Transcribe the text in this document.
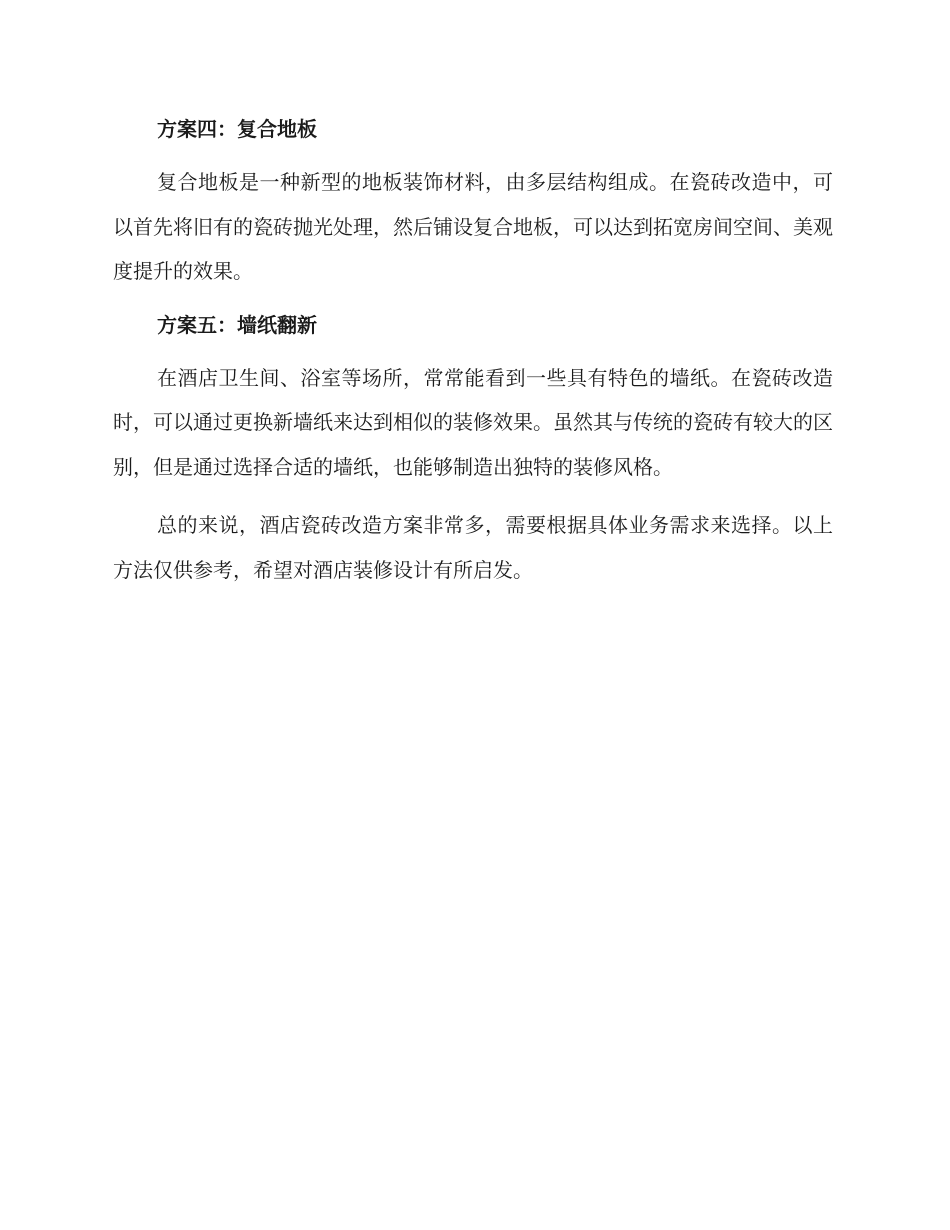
方案四：复合地板

复合地板是一种新型的地板装饰材料，由多层结构组成。在瓷砖改造中，可以首先将旧有的瓷砖抛光处理，然后铺设复合地板，可以达到拓宽房间空间、美观度提升的效果。

方案五：墙纸翻新

在酒店卫生间、浴室等场所，常常能看到一些具有特色的墙纸。在瓷砖改造时，可以通过更换新墙纸来达到相似的装修效果。虽然其与传统的瓷砖有较大的区别，但是通过选择合适的墙纸，也能够制造出独特的装修风格。

总的来说，酒店瓷砖改造方案非常多，需要根据具体业务需求来选择。以上方法仅供参考，希望对酒店装修设计有所启发。
